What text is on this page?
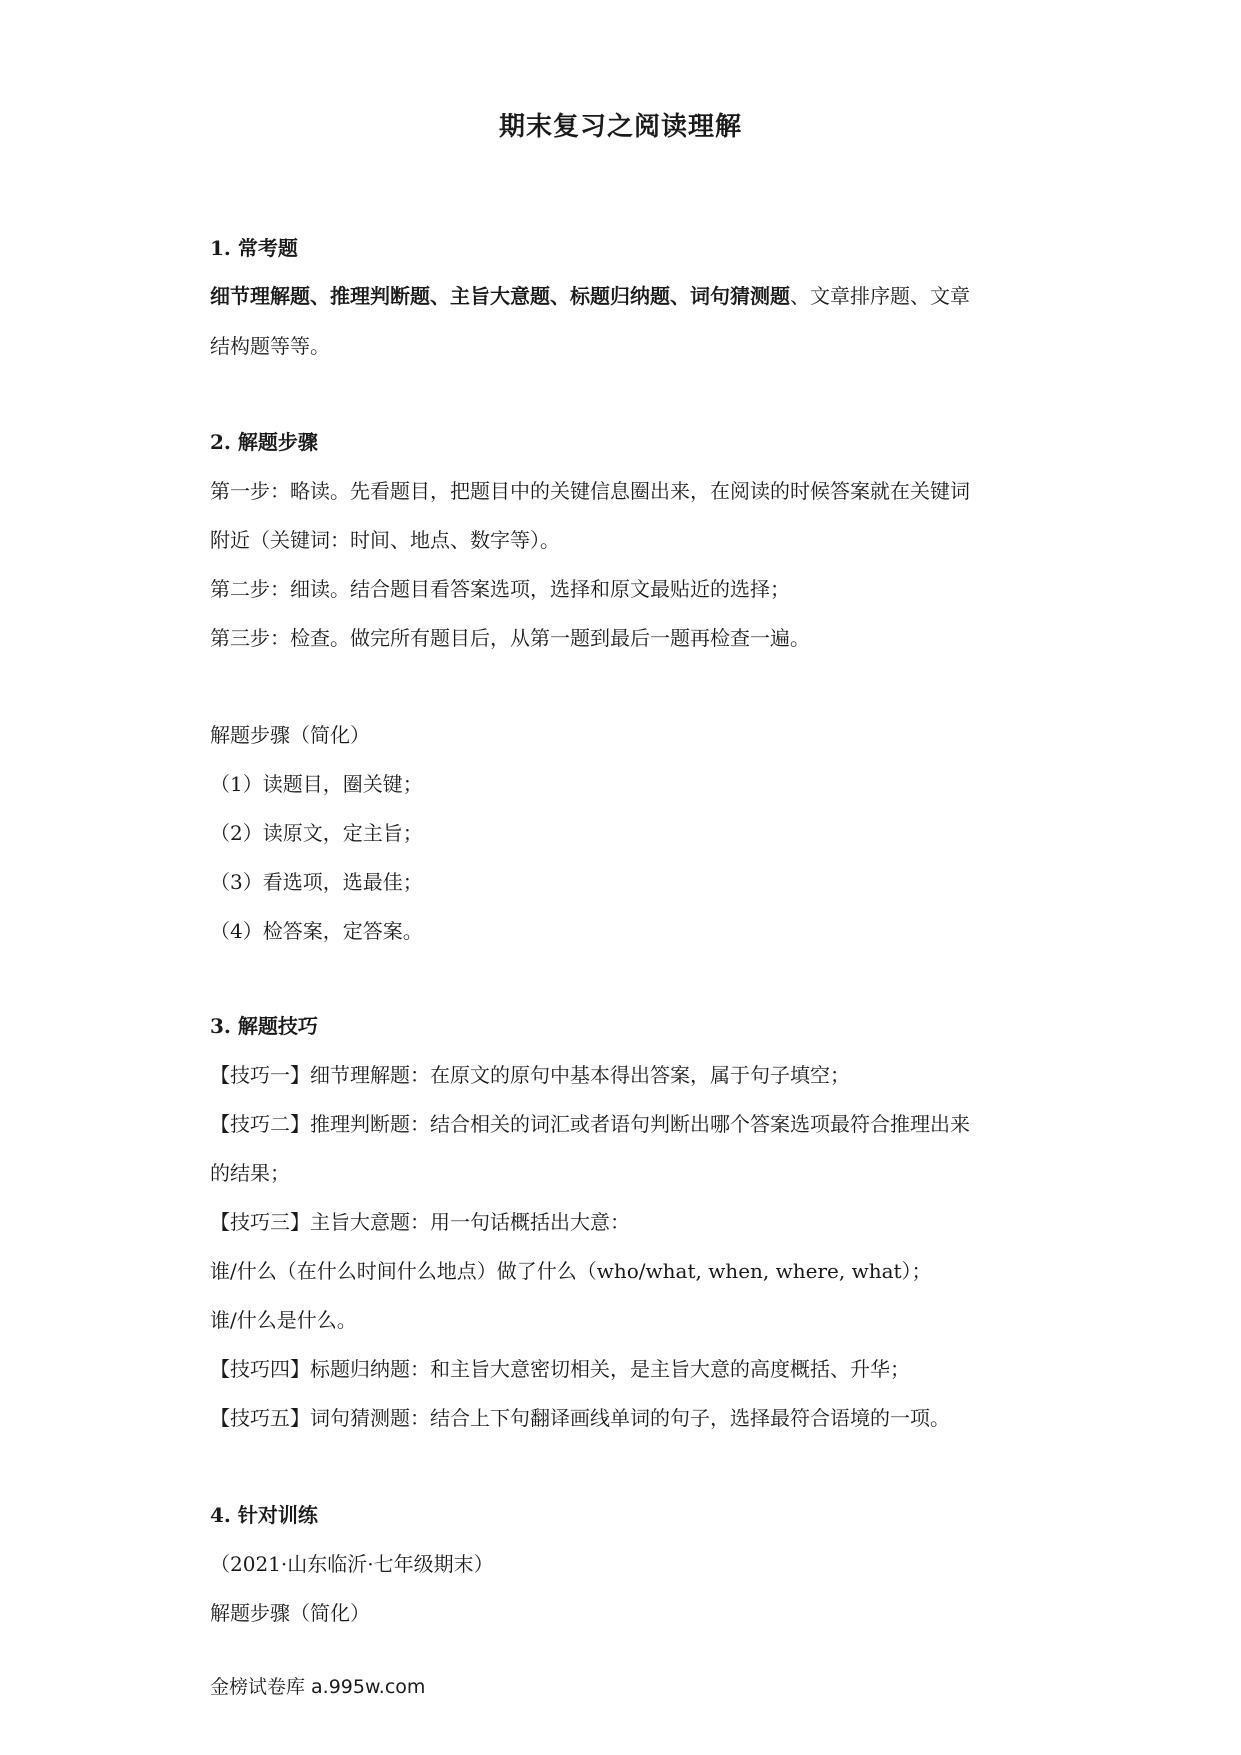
期末复习之阅读理解
1. 常考题
细节理解题、推理判断题、主旨大意题、标题归纳题、词句猜测题、文章排序题、文章
结构题等等。
2. 解题步骤
第一步：略读。先看题目，把题目中的关键信息圈出来，在阅读的时候答案就在关键词
附近（关键词：时间、地点、数字等）。
第二步：细读。结合题目看答案选项，选择和原文最贴近的选择；
第三步：检查。做完所有题目后，从第一题到最后一题再检查一遍。
解题步骤（简化）
（1）读题目，圈关键；
（2）读原文，定主旨；
（3）看选项，选最佳；
（4）检答案，定答案。
3. 解题技巧
【技巧一】细节理解题：在原文的原句中基本得出答案，属于句子填空；
【技巧二】推理判断题：结合相关的词汇或者语句判断出哪个答案选项最符合推理出来
的结果；
【技巧三】主旨大意题：用一句话概括出大意：
谁/什么（在什么时间什么地点）做了什么（who/what, when, where, what）；
谁/什么是什么。
【技巧四】标题归纳题：和主旨大意密切相关，是主旨大意的高度概括、升华；
【技巧五】词句猜测题：结合上下句翻译画线单词的句子，选择最符合语境的一项。
4. 针对训练
（2021·山东临沂·七年级期末）
解题步骤（简化）
金榜试卷库 a.995w.com
